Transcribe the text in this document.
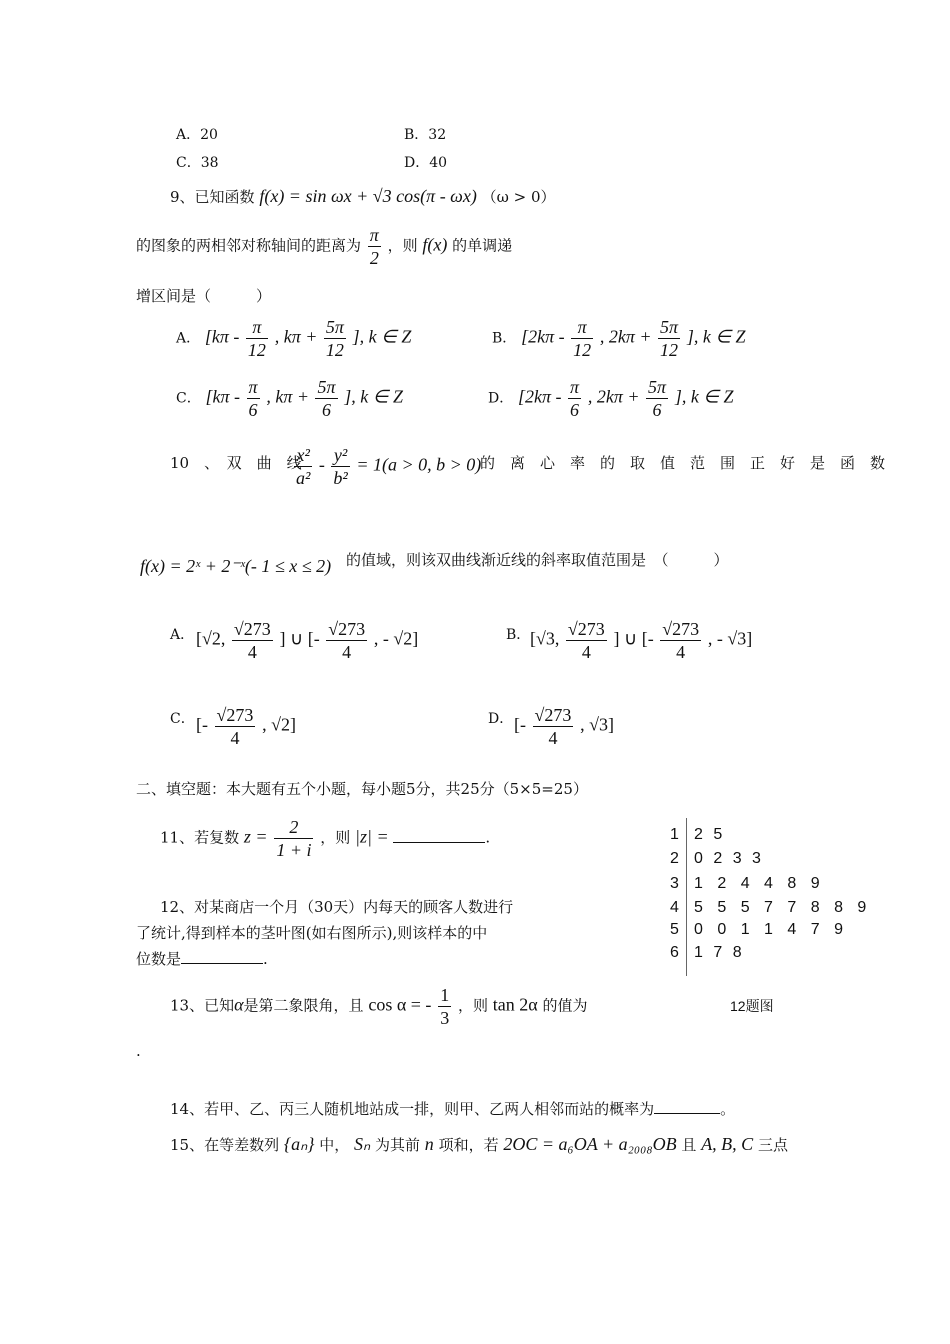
A．20	B．32
C．38	D．40
9、已知函数 f(x) = sin ωx + √3 cos(π - ωx) （ω > 0）
的图象的两相邻对称轴间的距离为 $\frac{\pi}{2}$ ，则 f(x) 的单调递
增区间是（　　　）
A． [$k\pi - \frac{\pi}{12}$ , $k\pi + \frac{5\pi}{12}$ ], k ∈ Z	B． [$2k\pi - \frac{\pi}{12}$ , $2k\pi + \frac{5\pi}{12}$ ], k ∈ Z
C． [$k\pi - \frac{\pi}{6}$ , $k\pi + \frac{5\pi}{6}$ ], k ∈ Z	D． [$2k\pi - \frac{\pi}{6}$ , $2k\pi + \frac{5\pi}{6}$ ], k ∈ Z
10　、　双　曲　线
$\frac{\text{x²}}{\text{a²}} - \frac{\text{y²}}{\text{b²}} = 1(a > 0$, b > 0)
的　离　心　率　的　取　值　范　围　正　好　是　函　数
f(x) = 2ˣ + 2⁻ˣ(- 1 ≤ x ≤ 2) 的值域，则该双曲线渐近线的斜率取值范围是　（　　　）
A． [√2, $\frac{√273}{4}$ ] ∪ [- $\frac{√273}{4}$ , - √2]	B． [√3, $\frac{√273}{4}$ ] ∪ [- $\frac{√273}{4}$ , - √3]
C． [- $\frac{√273}{4}$ , √2]	D． [- $\frac{√273}{4}$ , √3]
二、填空题：本大题有五个小题，每小题5分，共25分（5×5=25）
11、若复数 $z = \frac{2}{1 + i}$ ，则 |z| =	.
12、对某商店一个月（30天）内每天的顾客人数进行
了统计,得到样本的茎叶图(如右图所示),则该样本的中
位数是	.
1 2 5
2 0 2 3 3
3 1 2 4 4 8 9
4 5 5 5 7 7 8 8 9
5 0 0 1 1 4 7 9
6 1 7 8
12题图
13、已知α是第二象限角，且 cos α = - $\frac{1}{3}$ ，则 tan 2α 的值为
.
14、若甲、乙、丙三人随机地站成一排，则甲、乙两人相邻而站的概率为	。
15、在等差数列 {aₙ} 中， Sₙ 为其前 n 项和，若 2OC = a₆OA + a₂₀₀₈OB 且 A, B, C 三点
